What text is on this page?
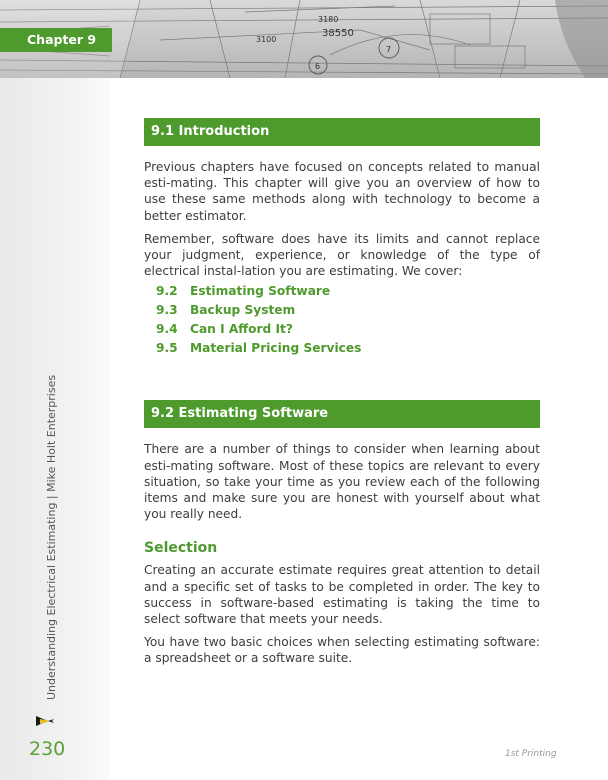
3100
3180
38550
7
6
Chapter 9
Understanding Electrical Estimating | Mike Holt Enterprises
230	1st Printing
9.1 Introduction

Previous chapters have focused on concepts related to manual esti-mating. This chapter will give you an overview of how to use these same methods along with technology to become a better estimator.

Remember, software does have its limits and cannot replace your judgment, experience, or knowledge of the type of electrical instal-lation you are estimating. We cover:

9.2 Estimating Software
9.3 Backup System
9.4 Can I Afford It?
9.5 Material Pricing Services
9.2 Estimating Software

There are a number of things to consider when learning about esti-mating software. Most of these topics are relevant to every situation, so take your time as you review each of the following items and make sure you are honest with yourself about what you really need.

Selection

Creating an accurate estimate requires great attention to detail and a specific set of tasks to be completed in order. The key to success in software-based estimating is taking the time to select software that meets your needs.

You have two basic choices when selecting estimating software: a spreadsheet or a software suite.
